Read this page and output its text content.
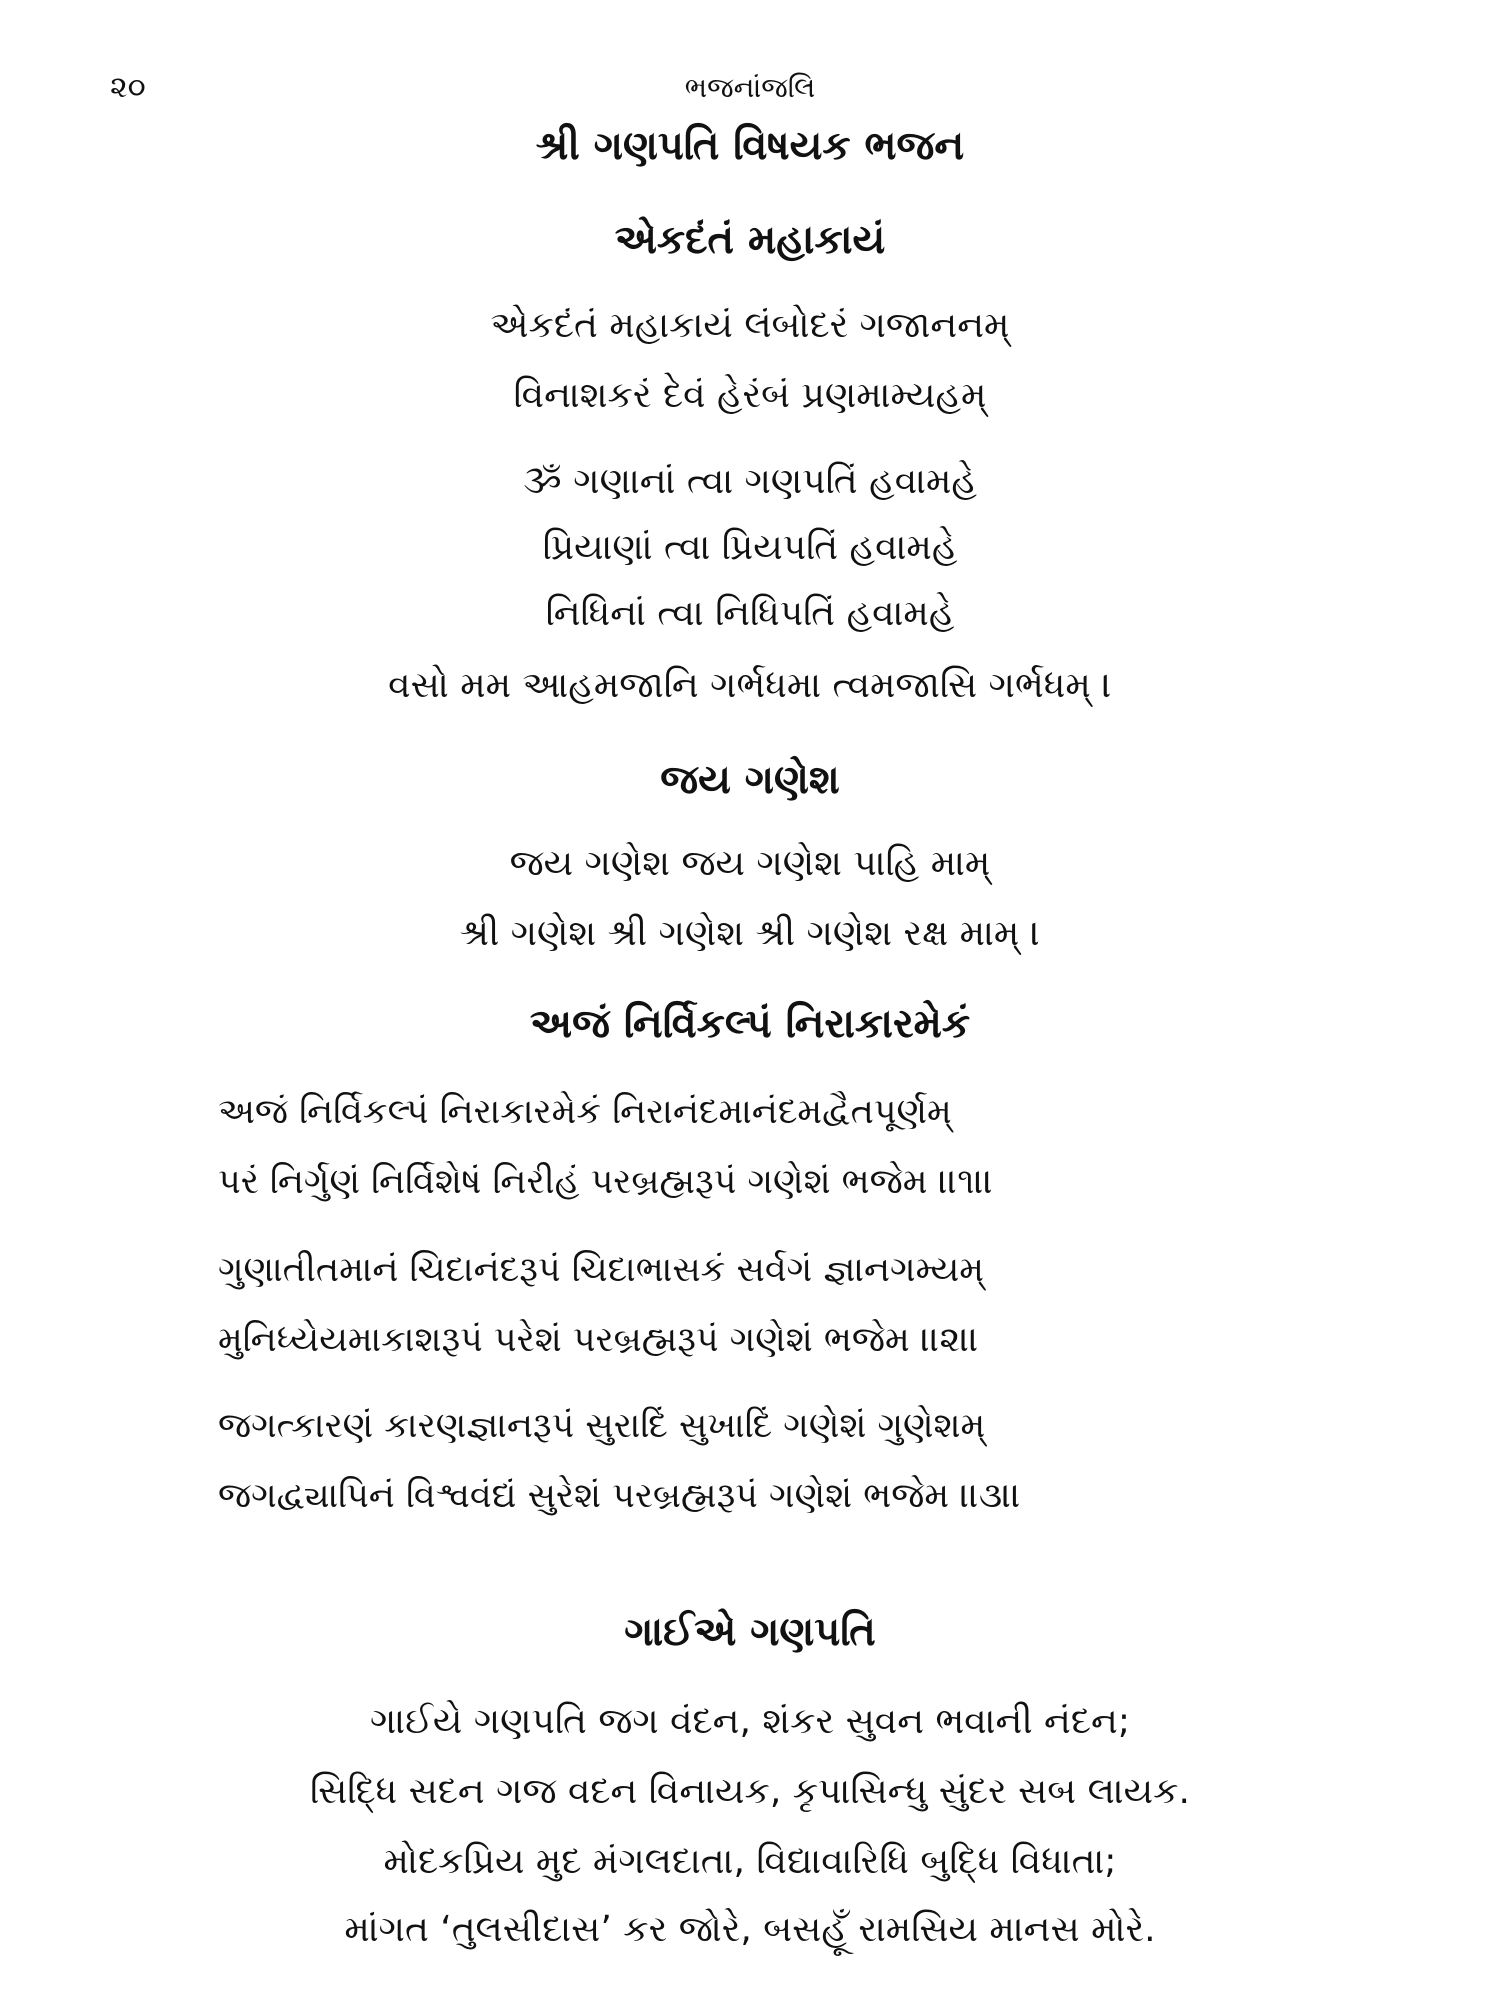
૨૦	ભજનાંજલિ
શ્રી ગણપતિ વિષયક ભજન
એકદંતં મહાકાયં
એકદંતં મહાકાયં લંબોદરં ગજાનનમ્
વિનાશકરં દેવં હેરંબં પ્રણમામ્યહમ્
ૐ ગણાનાં ત્વા ગણપતિં હવામહે
પ્રિયાણાં ત્વા પ્રિયપતિં હવામહે
નિધિનાં ત્વા નિધિપતિં હવામહે
વસો મમ આહમજાનિ ગર્ભધમા ત્વમજાસિ ગર્ભધમ્ ।
જય ગણેશ
જય ગણેશ જય ગણેશ પાહિ મામ્
શ્રી ગણેશ શ્રી ગણેશ શ્રી ગણેશ રક્ષ મામ્ ।
અજં નિર્વિકલ્પં નિરાકારમેકં
અજં નિર્વિકલ્પં નિરાકારમેકં નિરાનંદમાનંદમદ્વૈતપૂર્ણમ્
પરં નિર્ગુણં નિર્વિશેષં નિરીહં પરબ્રહ્મરૂપં ગણેશં ભજેમ ।।૧।।
ગુણાતીતમાનં ચિદાનંદરૂપં ચિદાભાસકં સર્વગં જ્ઞાનગમ્યમ્
મુનિધ્યેયમાકાશરૂપં પરેશં પરબ્રહ્મરૂપં ગણેશં ભજેમ ।।૨।।
જગત્કારણં કારણજ્ઞાનરૂપં સુરાદિં સુખાદિં ગણેશં ગુણેશમ્
જગદ્વ્યાપિનં વિશ્વવંદ્યં સુરેશં પરબ્રહ્મરૂપં ગણેશં ભજેમ ।।૩।।
ગાઈએ ગણપતિ
ગાઈયે ગણપતિ જગ વંદન, શંકર સુવન ભવાની નંદન;
સિદ્ધિ સદન ગજ વદન વિનાયક, કૃપાસિન્ધુ સુંદર સબ લાયક.
મોદકપ્રિય મુદ મંગલદાતા, વિદ્યાવારિધિ બુદ્ધિ વિધાતા;
માંગત ‘તુલસીદાસ’ કર જોરે, બસહૂઁ રામસિય માનસ મોરે.
